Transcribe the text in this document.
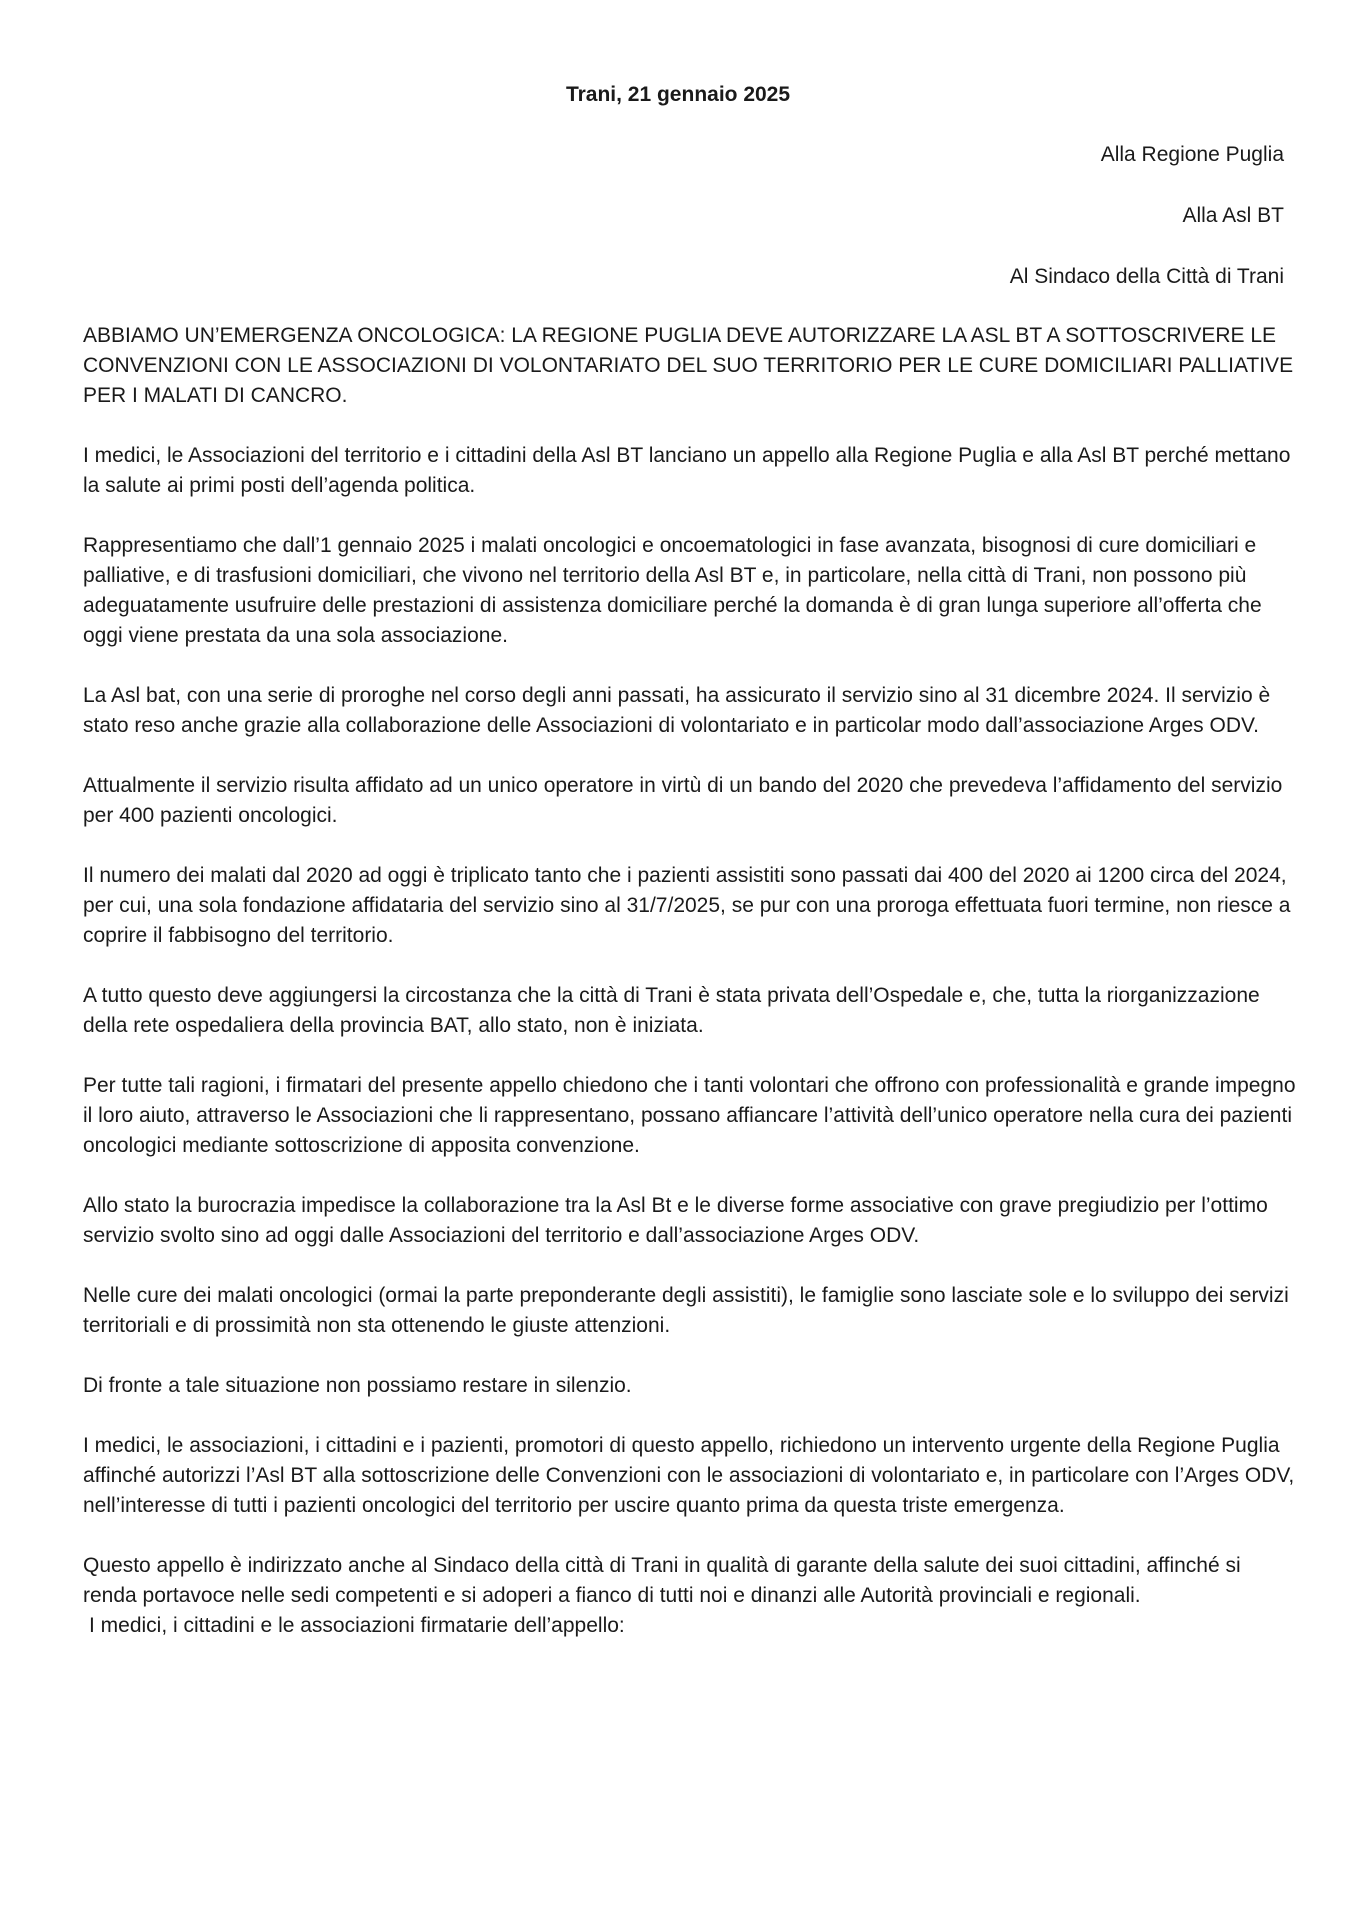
Trani, 21 gennaio 2025
Alla Regione Puglia
Alla Asl BT
Al Sindaco della Città di Trani

ABBIAMO UN’EMERGENZA ONCOLOGICA: LA REGIONE PUGLIA DEVE AUTORIZZARE LA ASL BT A SOTTOSCRIVERE LE CONVENZIONI CON LE ASSOCIAZIONI DI VOLONTARIATO DEL SUO TERRITORIO PER LE CURE DOMICILIARI PALLIATIVE PER I MALATI DI CANCRO.

I medici, le Associazioni del territorio e i cittadini della Asl BT lanciano un appello alla Regione Puglia e alla Asl BT perché mettano la salute ai primi posti dell’agenda politica.

Rappresentiamo che dall’1 gennaio 2025 i malati oncologici e oncoematologici in fase avanzata, bisognosi di cure domiciliari e palliative, e di trasfusioni domiciliari, che vivono nel territorio della Asl BT e, in particolare, nella città di Trani, non possono più adeguatamente usufruire delle prestazioni di assistenza domiciliare perché la domanda è di gran lunga superiore all’offerta che oggi viene prestata da una sola associazione.

La Asl bat, con una serie di proroghe nel corso degli anni passati, ha assicurato il servizio sino al 31 dicembre 2024. Il servizio è stato reso anche grazie alla collaborazione delle Associazioni di volontariato e in particolar modo dall’associazione Arges ODV.

Attualmente il servizio risulta affidato ad un unico operatore in virtù di un bando del 2020 che prevedeva l’affidamento del servizio per 400 pazienti oncologici.

Il numero dei malati dal 2020 ad oggi è triplicato tanto che i pazienti assistiti sono passati dai 400 del 2020 ai 1200 circa del 2024, per cui, una sola fondazione affidataria del servizio sino al 31/7/2025, se pur con una proroga effettuata fuori termine, non riesce a coprire il fabbisogno del territorio.

A tutto questo deve aggiungersi la circostanza che la città di Trani è stata privata dell’Ospedale e, che, tutta la riorganizzazione della rete ospedaliera della provincia BAT, allo stato, non è iniziata.

Per tutte tali ragioni, i firmatari del presente appello chiedono che i tanti volontari che offrono con professionalità e grande impegno il loro aiuto, attraverso le Associazioni che li rappresentano, possano affiancare l’attività dell’unico operatore nella cura dei pazienti oncologici mediante sottoscrizione di apposita convenzione.

Allo stato la burocrazia impedisce la collaborazione tra la Asl Bt e le diverse forme associative con grave pregiudizio per l’ottimo servizio svolto sino ad oggi dalle Associazioni del territorio e dall’associazione Arges ODV.

Nelle cure dei malati oncologici (ormai la parte preponderante degli assistiti), le famiglie sono lasciate sole e lo sviluppo dei servizi territoriali e di prossimità non sta ottenendo le giuste attenzioni.

Di fronte a tale situazione non possiamo restare in silenzio.

I medici, le associazioni, i cittadini e i pazienti, promotori di questo appello, richiedono un intervento urgente della Regione Puglia affinché autorizzi l’Asl BT alla sottoscrizione delle Convenzioni con le associazioni di volontariato e, in particolare con l’Arges ODV, nell’interesse di tutti i pazienti oncologici del territorio per uscire quanto prima da questa triste emergenza.

Questo appello è indirizzato anche al Sindaco della città di Trani in qualità di garante della salute dei suoi cittadini, affinché si renda portavoce nelle sedi competenti e si adoperi a fianco di tutti noi e dinanzi alle Autorità provinciali e regionali.

I medici, i cittadini e le associazioni firmatarie dell’appello:
